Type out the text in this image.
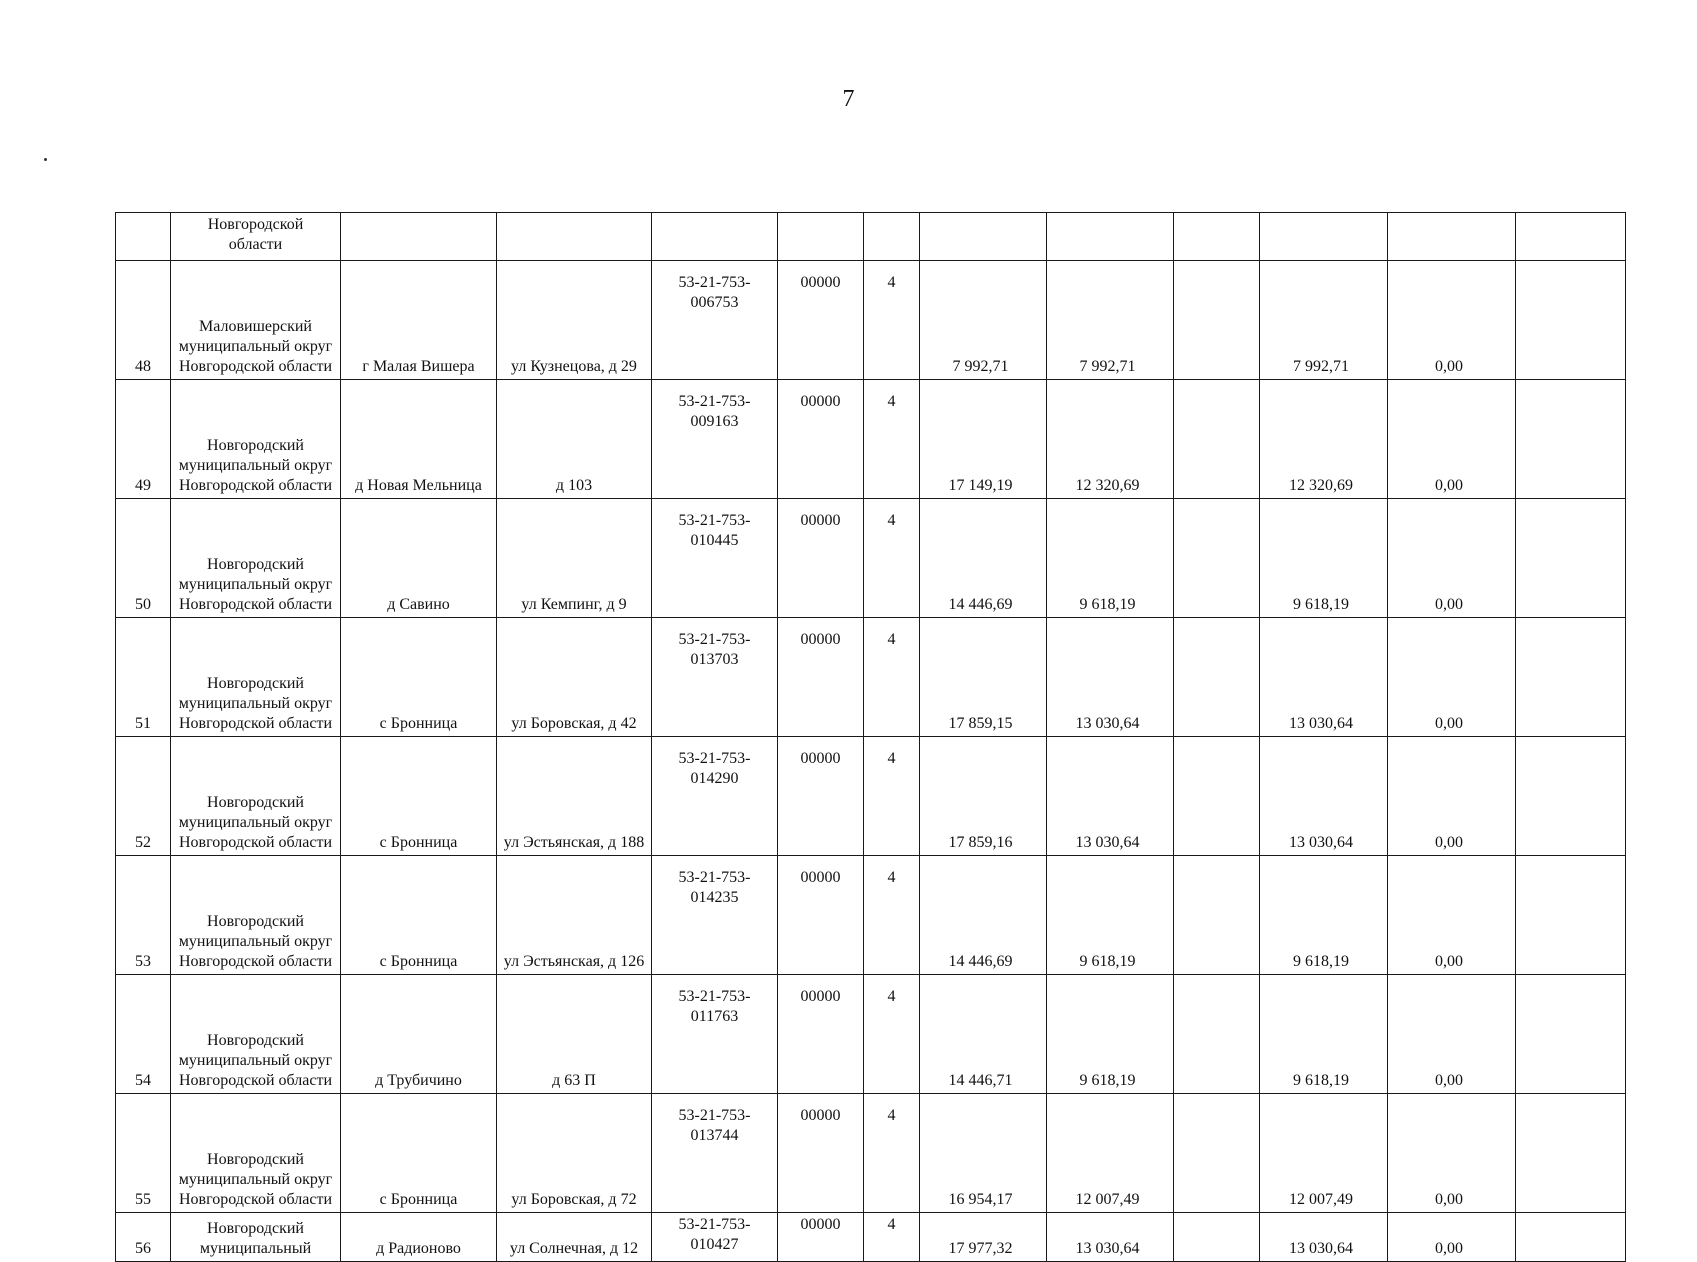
7
	Новгородской
области											
48	Маловишерский муниципальный округ Новгородской области	г Малая Вишера	ул Кузнецова, д 29	53-21-753-006753	00000	4	7 992,71	7 992,71		7 992,71	0,00	
49	Новгородский муниципальный округ Новгородской области	д Новая Мельница	д 103	53-21-753-009163	00000	4	17 149,19	12 320,69		12 320,69	0,00	
50	Новгородский муниципальный округ Новгородской области	д Савино	ул Кемпинг, д 9	53-21-753-010445	00000	4	14 446,69	9 618,19		9 618,19	0,00	
51	Новгородский муниципальный округ Новгородской области	с Бронница	ул Боровская, д 42	53-21-753-013703	00000	4	17 859,15	13 030,64		13 030,64	0,00	
52	Новгородский муниципальный округ Новгородской области	с Бронница	ул Эстьянская, д 188	53-21-753-014290	00000	4	17 859,16	13 030,64		13 030,64	0,00	
53	Новгородский муниципальный округ Новгородской области	с Бронница	ул Эстьянская, д 126	53-21-753-014235	00000	4	14 446,69	9 618,19		9 618,19	0,00	
54	Новгородский муниципальный округ Новгородской области	д Трубичино	д 63 П	53-21-753-011763	00000	4	14 446,71	9 618,19		9 618,19	0,00	
55	Новгородский муниципальный округ Новгородской области	с Бронница	ул Боровская, д 72	53-21-753-013744	00000	4	16 954,17	12 007,49		12 007,49	0,00	
56	Новгородский муниципальный	д Радионово	ул Солнечная, д 12	53-21-753-010427	00000	4	17 977,32	13 030,64		13 030,64	0,00	
